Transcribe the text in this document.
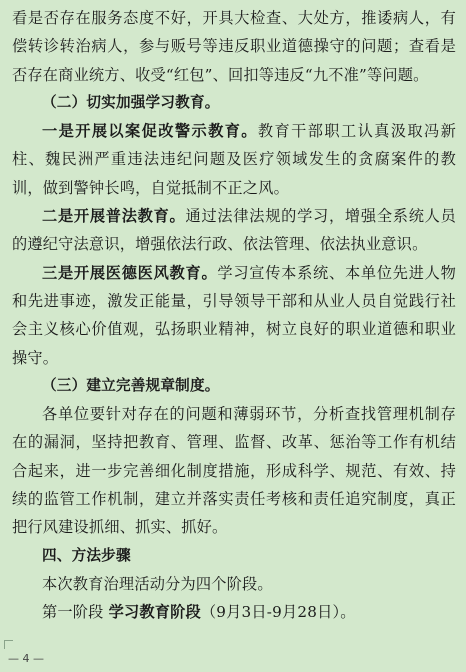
看是否存在服务态度不好，开具大检查、大处方，推诿病人，有偿转诊转治病人，参与贩号等违反职业道德操守的问题；查看是否存在商业统方、收受“红包”、回扣等违反“九不准”等问题。

（二）切实加强学习教育。

一是开展以案促改警示教育。教育干部职工认真汲取冯新柱、魏民洲严重违法违纪问题及医疗领域发生的贪腐案件的教训，做到警钟长鸣，自觉抵制不正之风。

二是开展普法教育。通过法律法规的学习，增强全系统人员的遵纪守法意识，增强依法行政、依法管理、依法执业意识。

三是开展医德医风教育。学习宣传本系统、本单位先进人物和先进事迹，激发正能量，引导领导干部和从业人员自觉践行社会主义核心价值观，弘扬职业精神，树立良好的职业道德和职业操守。

（三）建立完善规章制度。

各单位要针对存在的问题和薄弱环节，分析查找管理机制存在的漏洞，坚持把教育、管理、监督、改革、惩治等工作有机结合起来，进一步完善细化制度措施，形成科学、规范、有效、持续的监管工作机制，建立并落实责任考核和责任追究制度，真正把行风建设抓细、抓实、抓好。

四、方法步骤

本次教育治理活动分为四个阶段。

第一阶段 学习教育阶段（9月3日-9月28日）。

— 4 —
